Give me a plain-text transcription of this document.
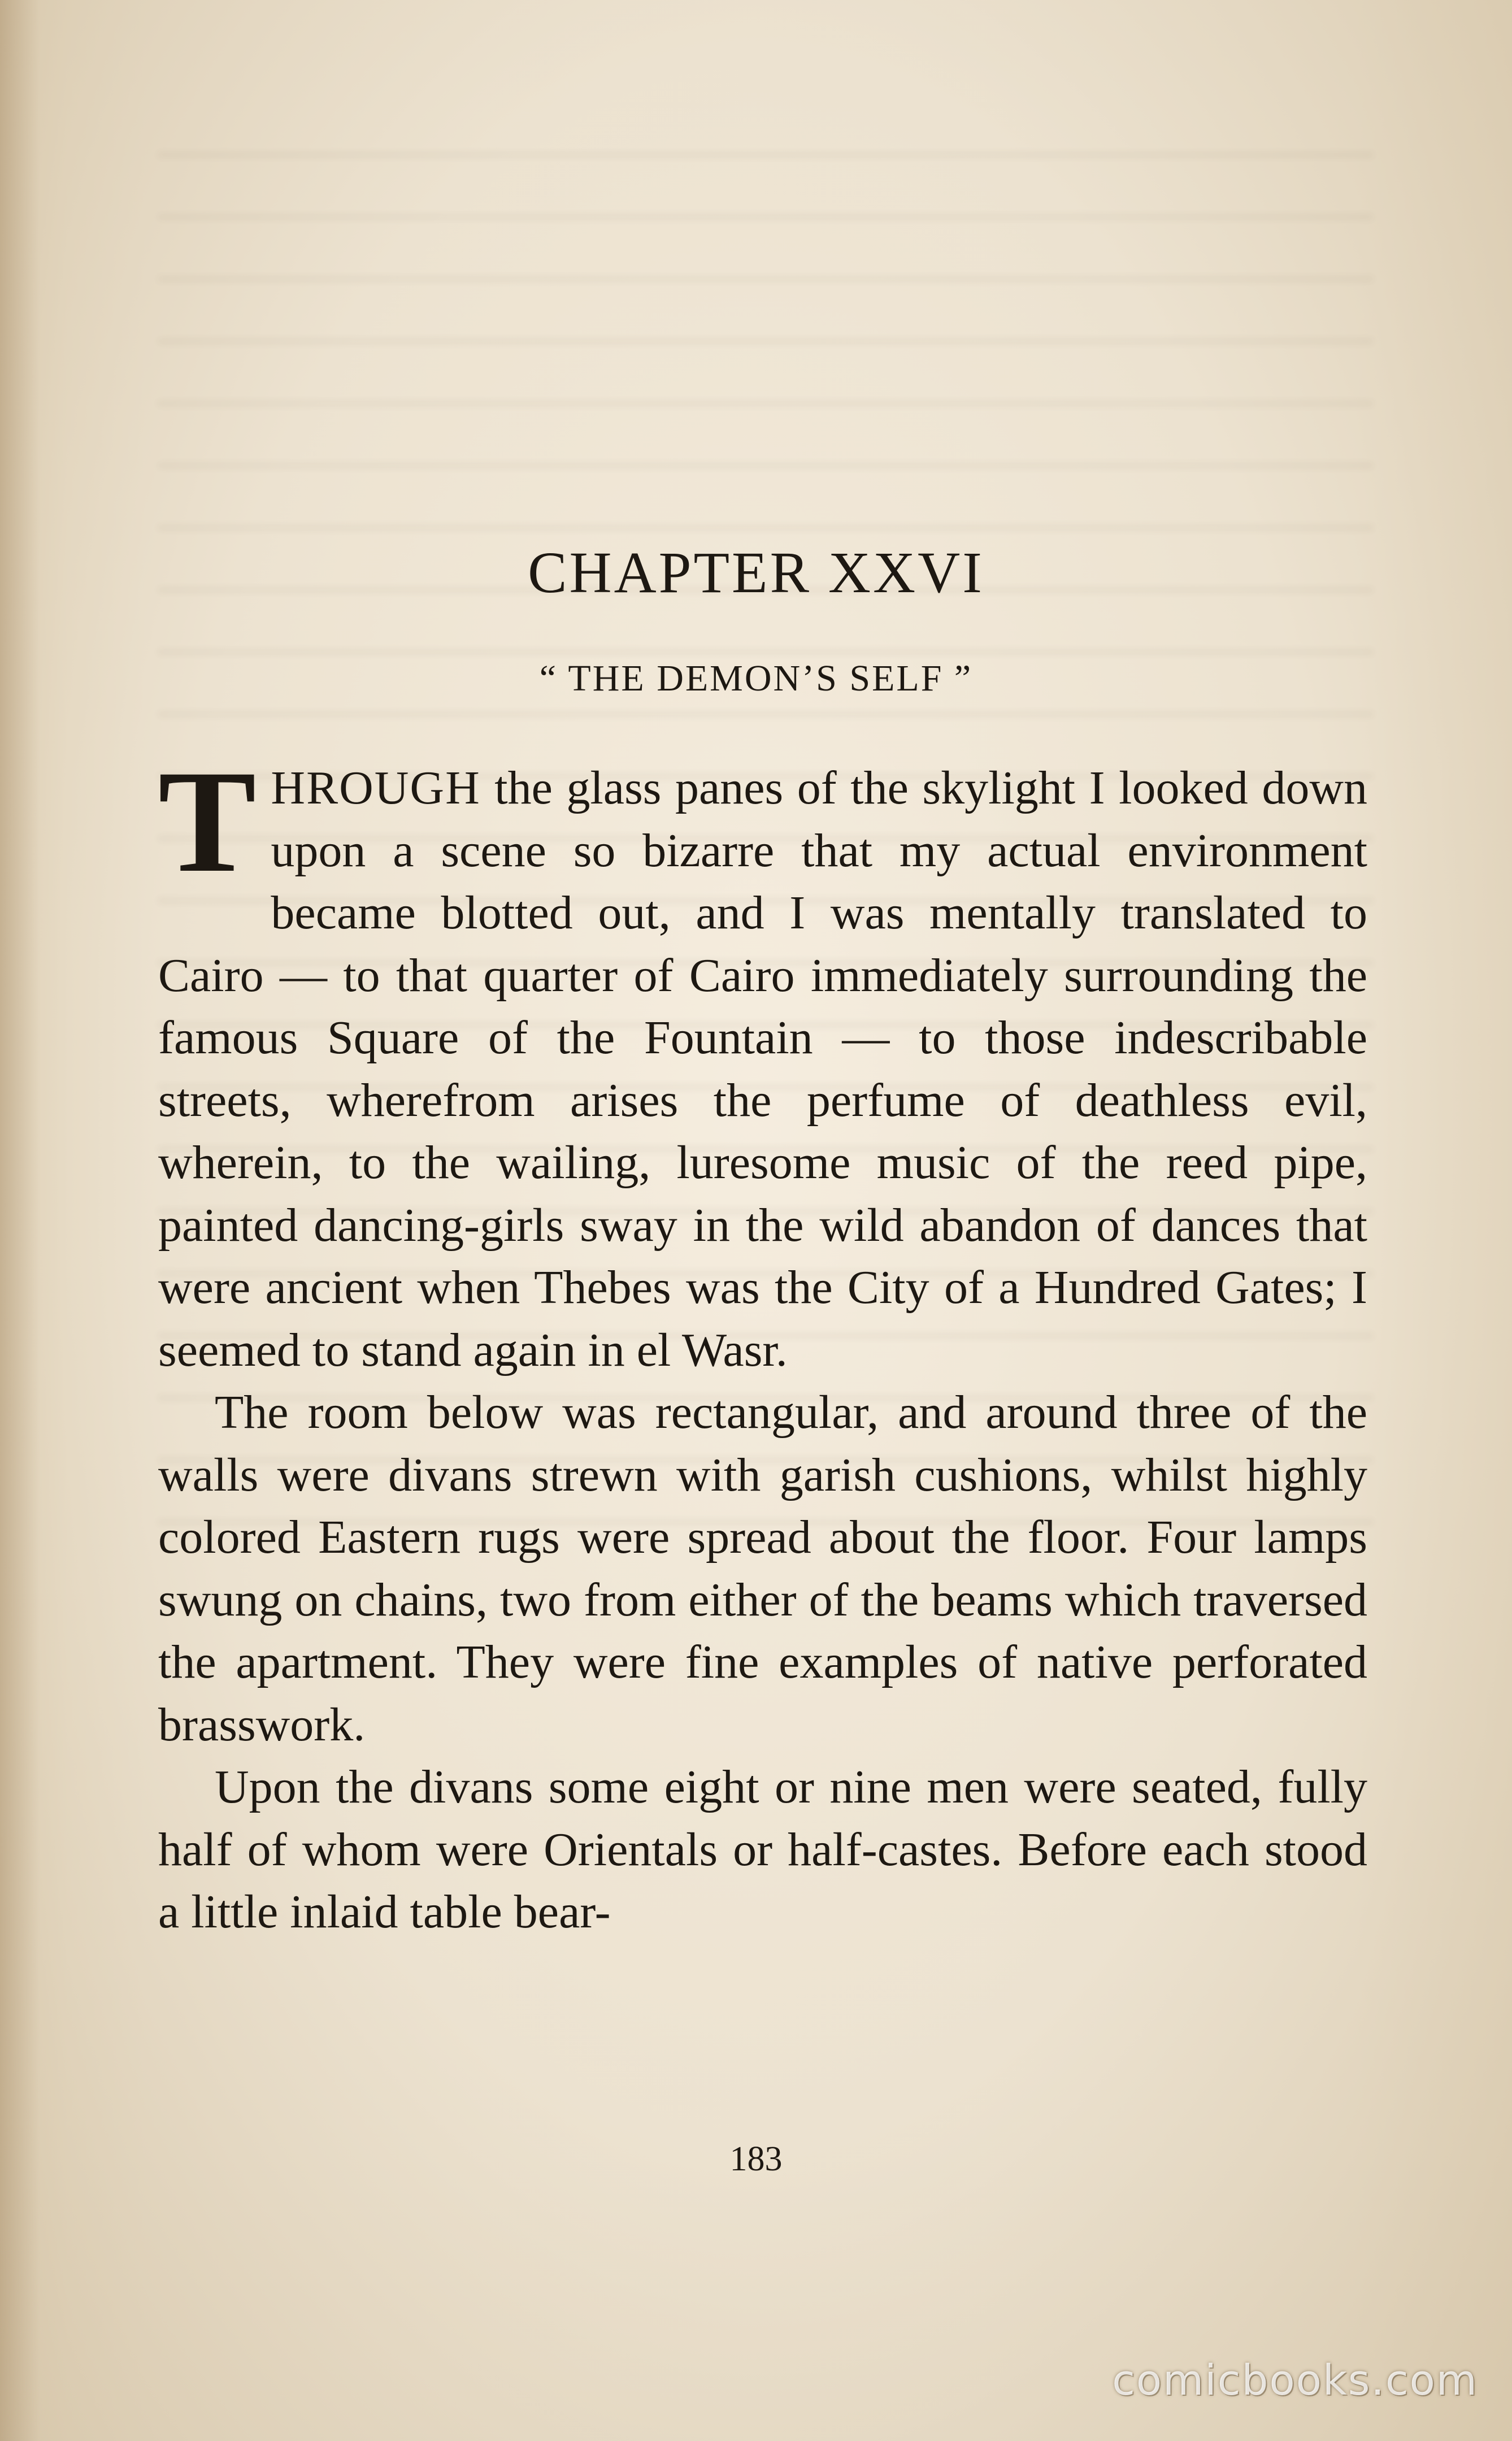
CHAPTER XXVI
“ THE DEMON’S SELF ”

THROUGH the glass panes of the skylight I looked down upon a scene so bizarre that my actual environment became blotted out, and I was mentally translated to Cairo — to that quarter of Cairo immediately surrounding the famous Square of the Fountain — to those indescribable streets, wherefrom arises the perfume of deathless evil, wherein, to the wailing, luresome music of the reed pipe, painted dancing-girls sway in the wild abandon of dances that were ancient when Thebes was the City of a Hundred Gates; I seemed to stand again in el Wasr.

The room below was rectangular, and around three of the walls were divans strewn with garish cushions, whilst highly colored Eastern rugs were spread about the floor. Four lamps swung on chains, two from either of the beams which traversed the apartment. They were fine examples of native perforated brasswork.

Upon the divans some eight or nine men were seated, fully half of whom were Orientals or half-castes. Before each stood a little inlaid table bear-

183
comicbooks.com
